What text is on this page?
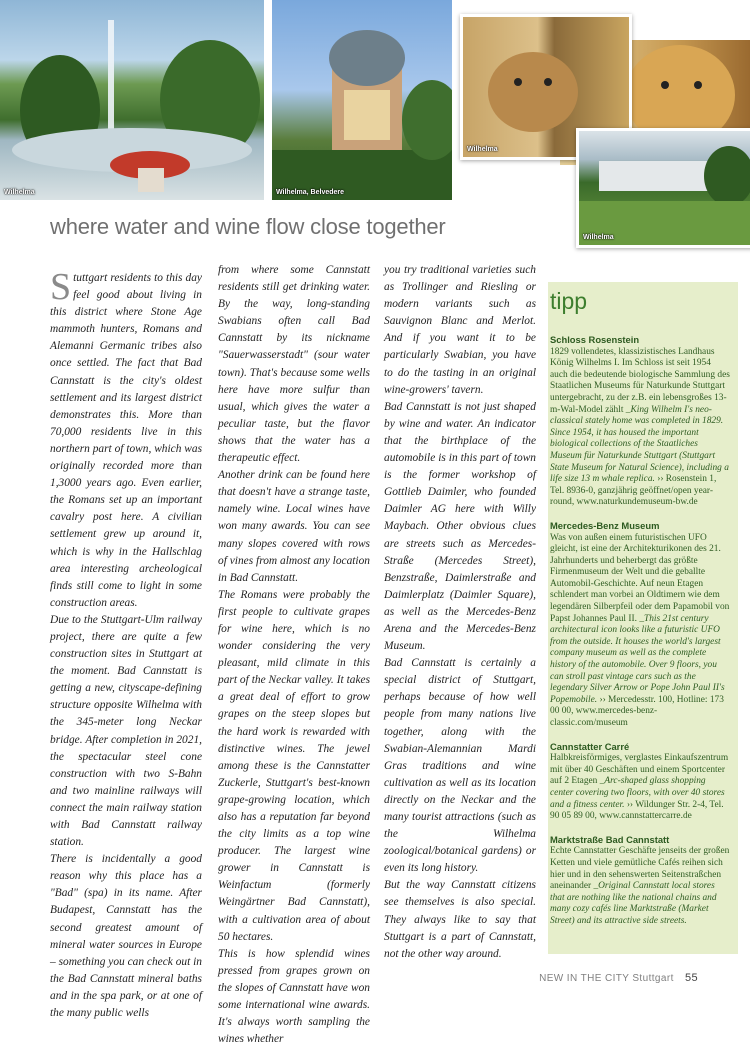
Wilhelma	Wilhelma, Belvedere
Wilhelma
Wilhelma
where water and wine flow close together

Stuttgart residents to this day feel good about living in this district where Stone Age mammoth hunters, Romans and Alemanni Germanic tribes also once settled. The fact that Bad Cannstatt is the city's oldest settlement and its largest district demonstrates this. More than 70,000 residents live in this northern part of town, which was originally recorded more than 1,3000 years ago. Even earlier, the Romans set up an important cavalry post here. A civilian settlement grew up around it, which is why in the Hallschlag area interesting archeological finds still come to light in some construction areas.

Due to the Stuttgart-Ulm railway project, there are quite a few construction sites in Stuttgart at the moment. Bad Cannstatt is getting a new, cityscape-defining structure opposite Wilhelma with the 345-meter long Neckar bridge. After completion in 2021, the spectacular steel cone construction with two S-Bahn and two mainline railways will connect the main railway station with Bad Cannstatt railway station.

There is incidentally a good reason why this place has a "Bad" (spa) in its name. After Budapest, Cannstatt has the second greatest amount of mineral water sources in Europe – something you can check out in the Bad Cannstatt mineral baths and in the spa park, or at one of the many public wells

from where some Cannstatt residents still get drinking water. By the way, long-standing Swabians often call Bad Cannstatt by its nickname "Sauerwasserstadt" (sour water town). That's because some wells here have more sulfur than usual, which gives the water a peculiar taste, but the flavor shows that the water has a therapeutic effect.

Another drink can be found here that doesn't have a strange taste, namely wine. Local wines have won many awards. You can see many slopes covered with rows of vines from almost any location in Bad Cannstatt.

The Romans were probably the first people to cultivate grapes for wine here, which is no wonder considering the very pleasant, mild climate in this part of the Neckar valley. It takes a great deal of effort to grow grapes on the steep slopes but the hard work is rewarded with distinctive wines. The jewel among these is the Cannstatter Zuckerle, Stuttgart's best-known grape-growing location, which also has a reputation far beyond the city limits as a top wine producer. The largest wine grower in Cannstatt is Weinfactum (formerly Weingärtner Bad Cannstatt), with a cultivation area of about 50 hectares.

This is how splendid wines pressed from grapes grown on the slopes of Cannstatt have won some international wine awards. It's always worth sampling the wines whether

you try traditional varieties such as Trollinger and Riesling or modern variants such as Sauvignon Blanc and Merlot. And if you want it to be particularly Swabian, you have to do the tasting in an original wine-growers' tavern.

Bad Cannstatt is not just shaped by wine and water. An indicator that the birthplace of the automobile is in this part of town is the former workshop of Gottlieb Daimler, who founded Daimler AG here with Willy Maybach. Other obvious clues are streets such as Mercedes-Straße (Mercedes Street), Benzstraße, Daimlerstraße and Daimlerplatz (Daimler Square), as well as the Mercedes-Benz Arena and the Mercedes-Benz Museum.

Bad Cannstatt is certainly a special district of Stuttgart, perhaps because of how well people from many nations live together, along with the Swabian-Alemannian Mardi Gras traditions and wine cultivation as well as its location directly on the Neckar and the many tourist attractions (such as the Wilhelma zoological/botanical gardens) or even its long history.

But the way Cannstatt citizens see themselves is also special. They always like to say that Stuttgart is a part of Cannstatt, not the other way around.

tipp
Schloss Rosenstein
1829 vollendetes, klassizistisches Landhaus König Wilhelms I. Im Schloss ist seit 1954 auch die bedeutende biologische Sammlung des Staatlichen Museums für Naturkunde Stuttgart untergebracht, zu der z.B. ein lebensgroßes 13-m-Wal-Model zählt _King Wilhelm I's neo-classical stately home was completed in 1829. Since 1954, it has housed the important biological collections of the Staatliches Museum für Naturkunde Stuttgart (Stuttgart State Museum for Natural Science), including a life size 13 m whale replica. ›› Rosenstein 1, Tel. 8936-0, ganzjährig geöffnet/open year-round, www.naturkundemuseum-bw.de
Mercedes-Benz Museum
Was von außen einem futuristischen UFO gleicht, ist eine der Architekturikonen des 21. Jahrhunderts und beherbergt das größte Firmenmuseum der Welt und die geballte Automobil-Geschichte. Auf neun Etagen schlendert man vorbei an Oldtimern wie dem legendären Silberpfeil oder dem Papamobil von Papst Johannes Paul II. _This 21st century architectural icon looks like a futuristic UFO from the outside. It houses the world's largest company museum as well as the complete history of the automobile. Over 9 floors, you can stroll past vintage cars such as the legendary Silver Arrow or Pope John Paul II's Popemobile. ›› Mercedesstr. 100, Hotline: 173 00 00, www.mercedes-benz-classic.com/museum
Cannstatter Carré
Halbkreisförmiges, verglastes Einkaufszentrum mit über 40 Geschäften und einem Sportcenter auf 2 Etagen _Arc-shaped glass shopping center covering two floors, with over 40 stores and a fitness center. ›› Wildunger Str. 2-4, Tel. 90 05 89 00, www.cannstattercarre.de
Marktstraße Bad Cannstatt
Echte Cannstatter Geschäfte jenseits der großen Ketten und viele gemütliche Cafés reihen sich hier und in den sehenswerten Seitenstraßchen aneinander _Original Cannstatt local stores that are nothing like the national chains and many cozy cafés line Marktstraße (Market Street) and its attractive side streets.
NEW IN THE CITY Stuttgart 55
